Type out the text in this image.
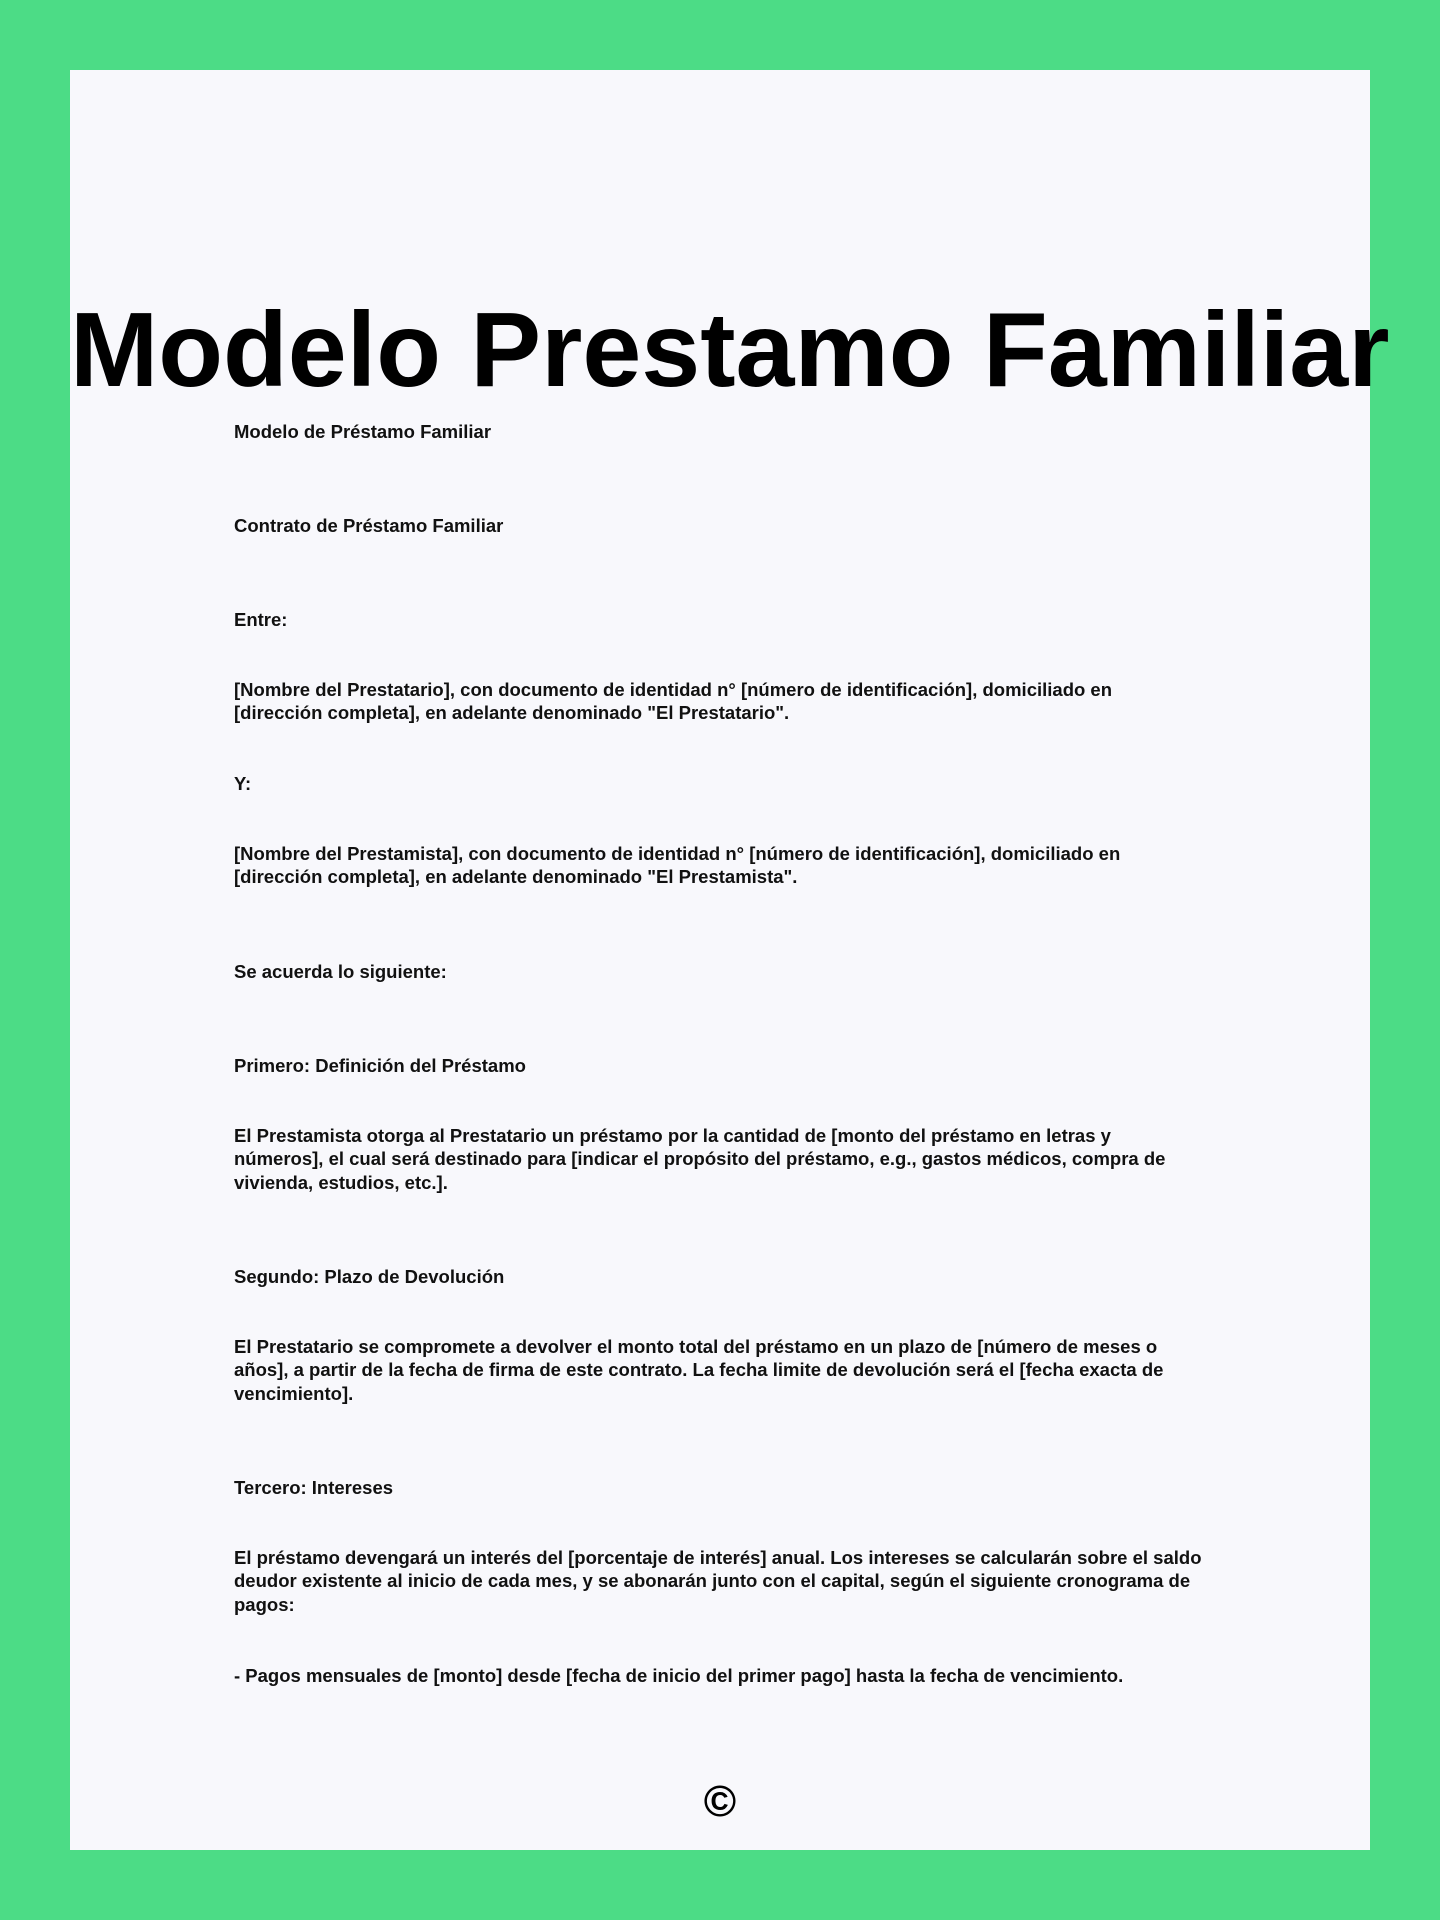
Modelo Prestamo Familiar

Modelo de Préstamo Familiar

Contrato de Préstamo Familiar

Entre:

[Nombre del Prestatario], con documento de identidad n° [número de identificación], domiciliado en [dirección completa], en adelante denominado "El Prestatario".

Y:

[Nombre del Prestamista], con documento de identidad n° [número de identificación], domiciliado en [dirección completa], en adelante denominado "El Prestamista".

Se acuerda lo siguiente:

Primero: Definición del Préstamo

El Prestamista otorga al Prestatario un préstamo por la cantidad de [monto del préstamo en letras y números], el cual será destinado para [indicar el propósito del préstamo, e.g., gastos médicos, compra de vivienda, estudios, etc.].

Segundo: Plazo de Devolución

El Prestatario se compromete a devolver el monto total del préstamo en un plazo de [número de meses o años], a partir de la fecha de firma de este contrato. La fecha limite de devolución será el [fecha exacta de vencimiento].

Tercero: Intereses

El préstamo devengará un interés del [porcentaje de interés] anual. Los intereses se calcularán sobre el saldo deudor existente al inicio de cada mes, y se abonarán junto con el capital, según el siguiente cronograma de pagos:

- Pagos mensuales de [monto] desde [fecha de inicio del primer pago] hasta la fecha de vencimiento.

©
